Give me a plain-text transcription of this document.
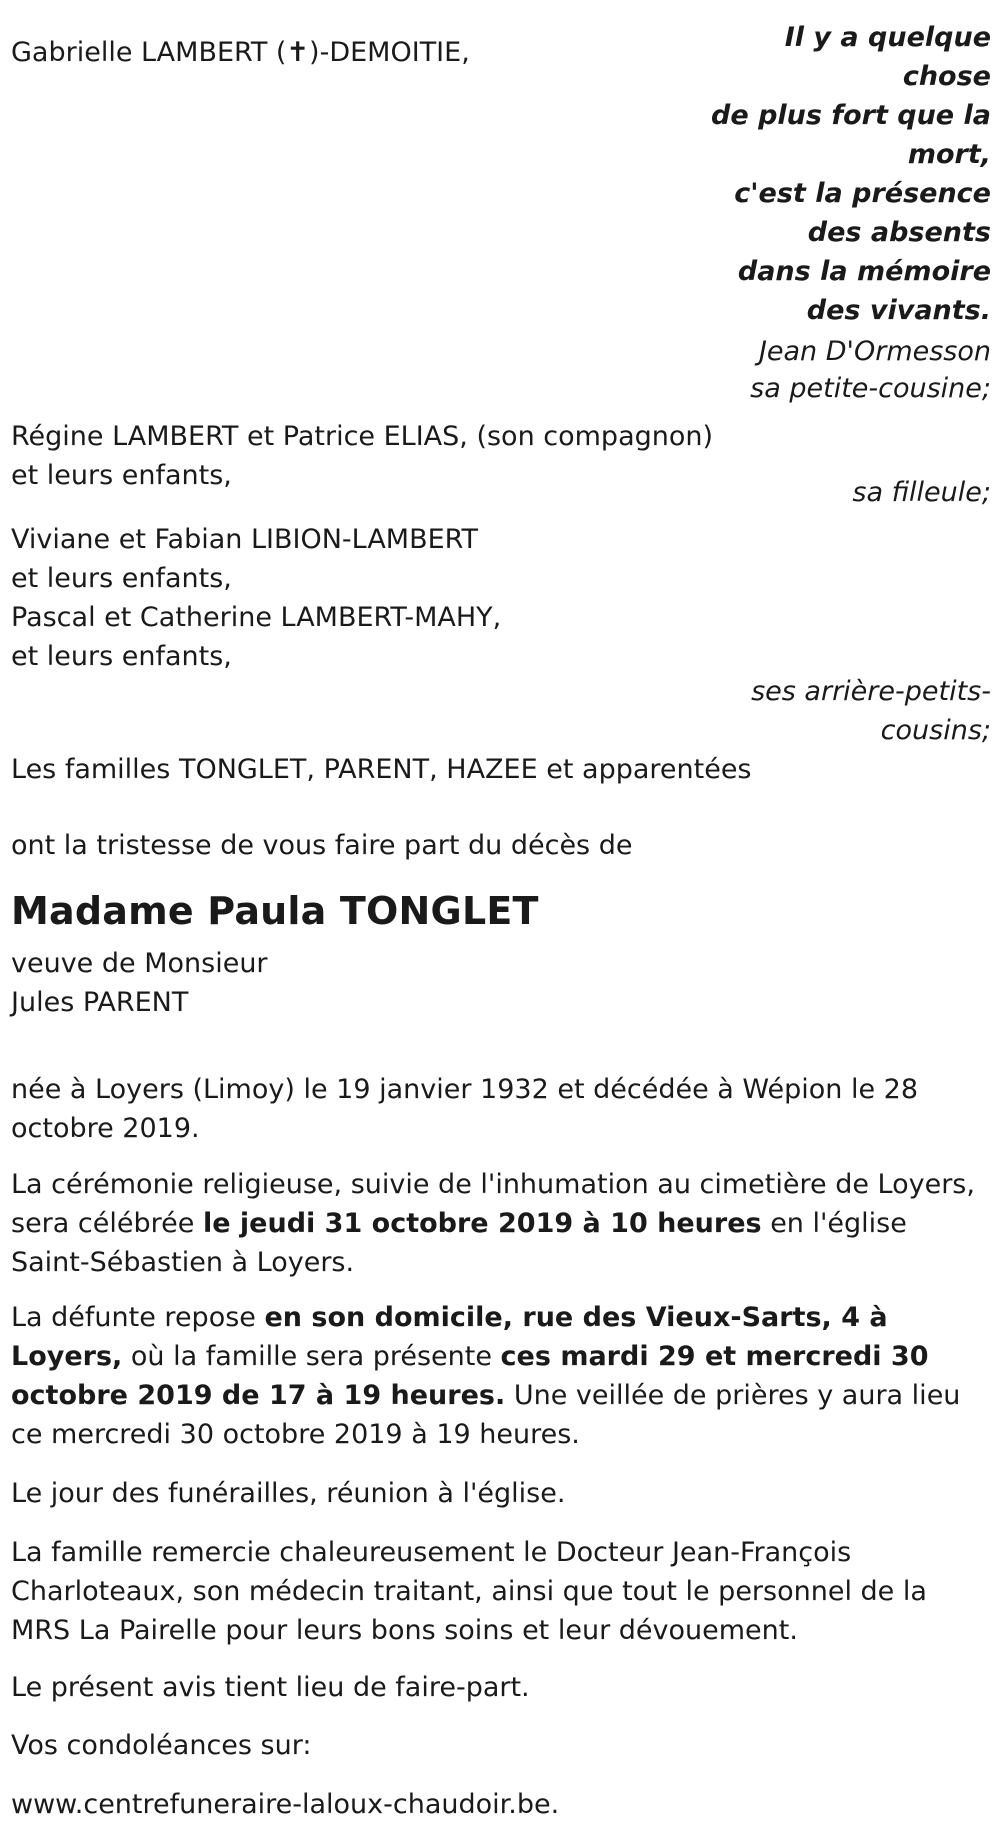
Gabrielle LAMBERT (✝)-DEMOITIE,	Il y a quelque
chose
de plus fort que la
mort,
c'est la présence
des absents
dans la mémoire
des vivants.
Jean D'Ormesson
sa petite-cousine;
Régine LAMBERT et Patrice ELIAS, (son compagnon)
et leurs enfants,
sa filleule;
Viviane et Fabian LIBION-LAMBERT
et leurs enfants,
Pascal et Catherine LAMBERT-MAHY,
et leurs enfants,
ses arrière-petits-
cousins;
Les familles TONGLET, PARENT, HAZEE et apparentées
ont la tristesse de vous faire part du décès de
Madame Paula TONGLET
veuve de Monsieur
Jules PARENT
née à Loyers (Limoy) le 19 janvier 1932 et décédée à Wépion le 28 octobre 2019.
La cérémonie religieuse, suivie de l'inhumation au cimetière de Loyers, sera célébrée le jeudi 31 octobre 2019 à 10 heures en l'église Saint-Sébastien à Loyers.
La défunte repose en son domicile, rue des Vieux-Sarts, 4 à Loyers, où la famille sera présente ces mardi 29 et mercredi 30 octobre 2019 de 17 à 19 heures. Une veillée de prières y aura lieu ce mercredi 30 octobre 2019 à 19 heures.
Le jour des funérailles, réunion à l'église.
La famille remercie chaleureusement le Docteur Jean-François Charloteaux, son médecin traitant, ainsi que tout le personnel de la MRS La Pairelle pour leurs bons soins et leur dévouement.
Le présent avis tient lieu de faire-part.
Vos condoléances sur:
www.centrefuneraire-laloux-chaudoir.be.
